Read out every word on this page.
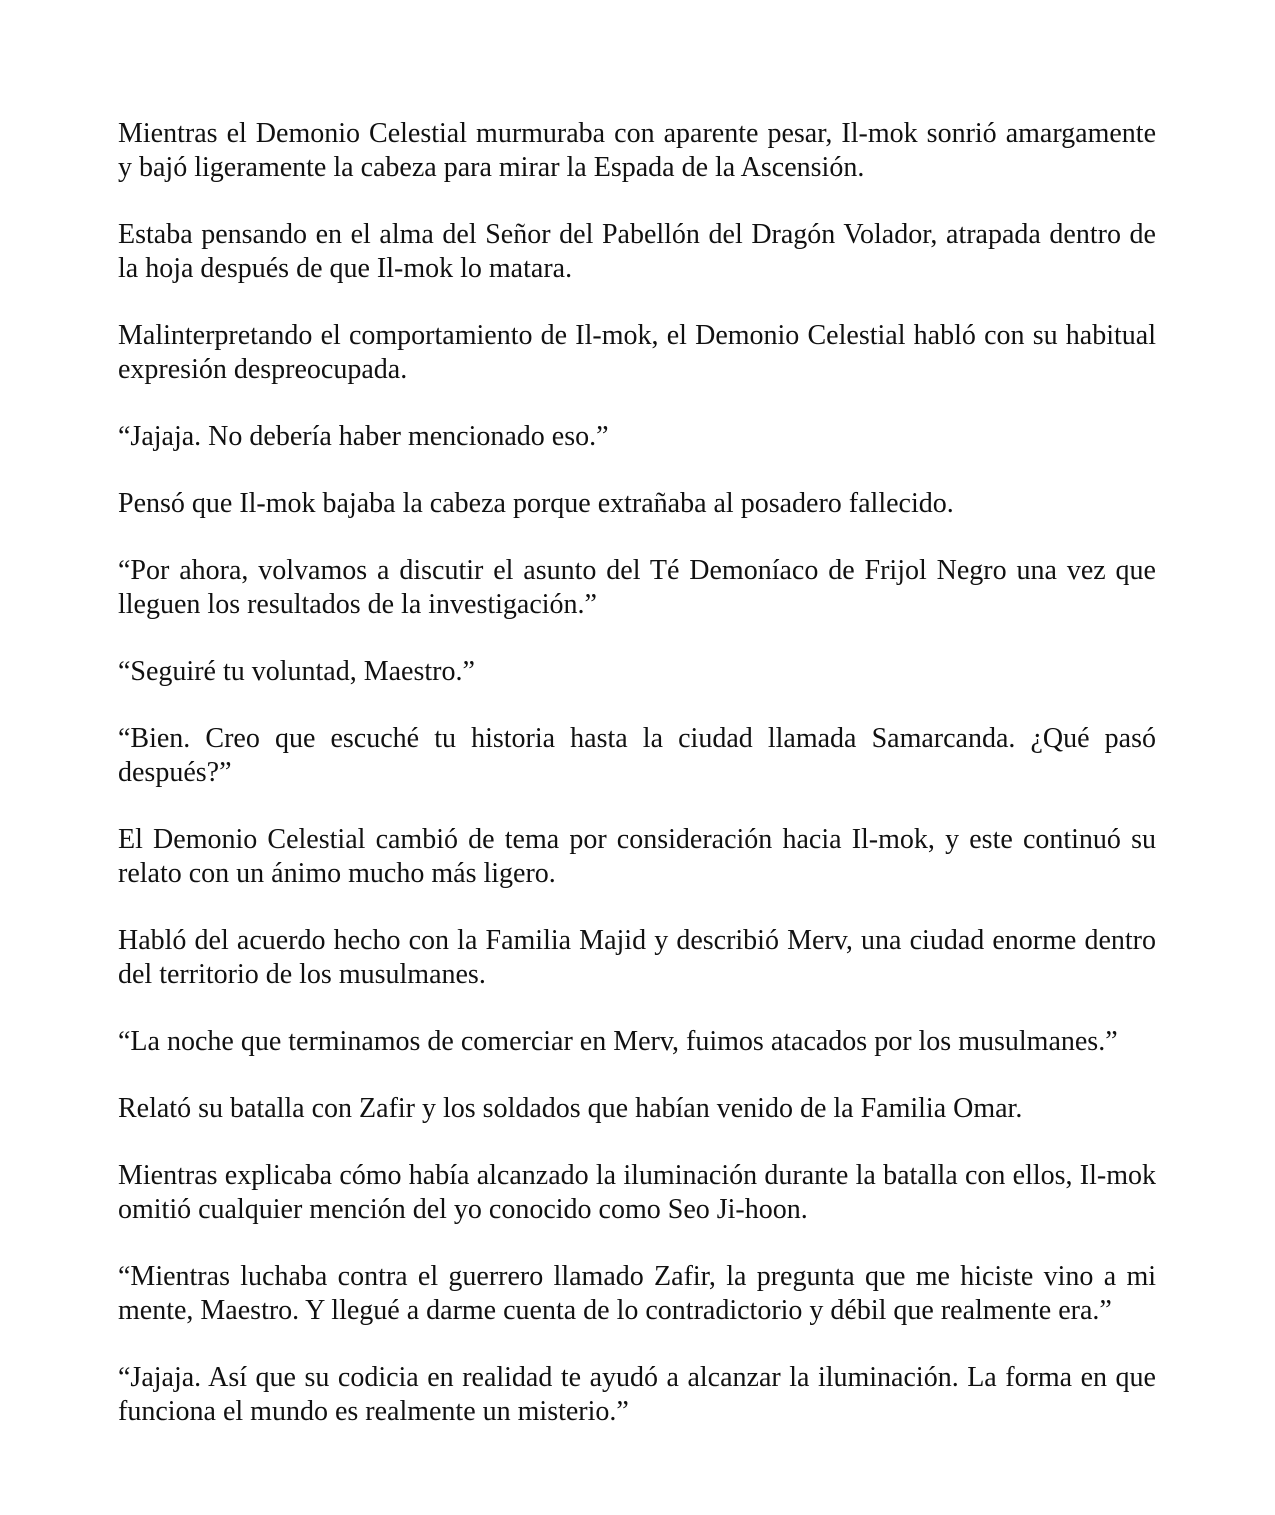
Mientras el Demonio Celestial murmuraba con aparente pesar, Il-mok sonrió amargamente y bajó ligeramente la cabeza para mirar la Espada de la Ascensión.

Estaba pensando en el alma del Señor del Pabellón del Dragón Volador, atrapada dentro de la hoja después de que Il-mok lo matara.

Malinterpretando el comportamiento de Il-mok, el Demonio Celestial habló con su habitual expresión despreocupada.

“Jajaja. No debería haber mencionado eso.”

Pensó que Il-mok bajaba la cabeza porque extrañaba al posadero fallecido.

“Por ahora, volvamos a discutir el asunto del Té Demoníaco de Frijol Negro una vez que lleguen los resultados de la investigación.”

“Seguiré tu voluntad, Maestro.”

“Bien. Creo que escuché tu historia hasta la ciudad llamada Samarcanda. ¿Qué pasó después?”

El Demonio Celestial cambió de tema por consideración hacia Il-mok, y este continuó su relato con un ánimo mucho más ligero.

Habló del acuerdo hecho con la Familia Majid y describió Merv, una ciudad enorme dentro del territorio de los musulmanes.

“La noche que terminamos de comerciar en Merv, fuimos atacados por los musulmanes.”

Relató su batalla con Zafir y los soldados que habían venido de la Familia Omar.

Mientras explicaba cómo había alcanzado la iluminación durante la batalla con ellos, Il-mok omitió cualquier mención del yo conocido como Seo Ji-hoon.

“Mientras luchaba contra el guerrero llamado Zafir, la pregunta que me hiciste vino a mi mente, Maestro. Y llegué a darme cuenta de lo contradictorio y débil que realmente era.”

“Jajaja. Así que su codicia en realidad te ayudó a alcanzar la iluminación. La forma en que funciona el mundo es realmente un misterio.”
